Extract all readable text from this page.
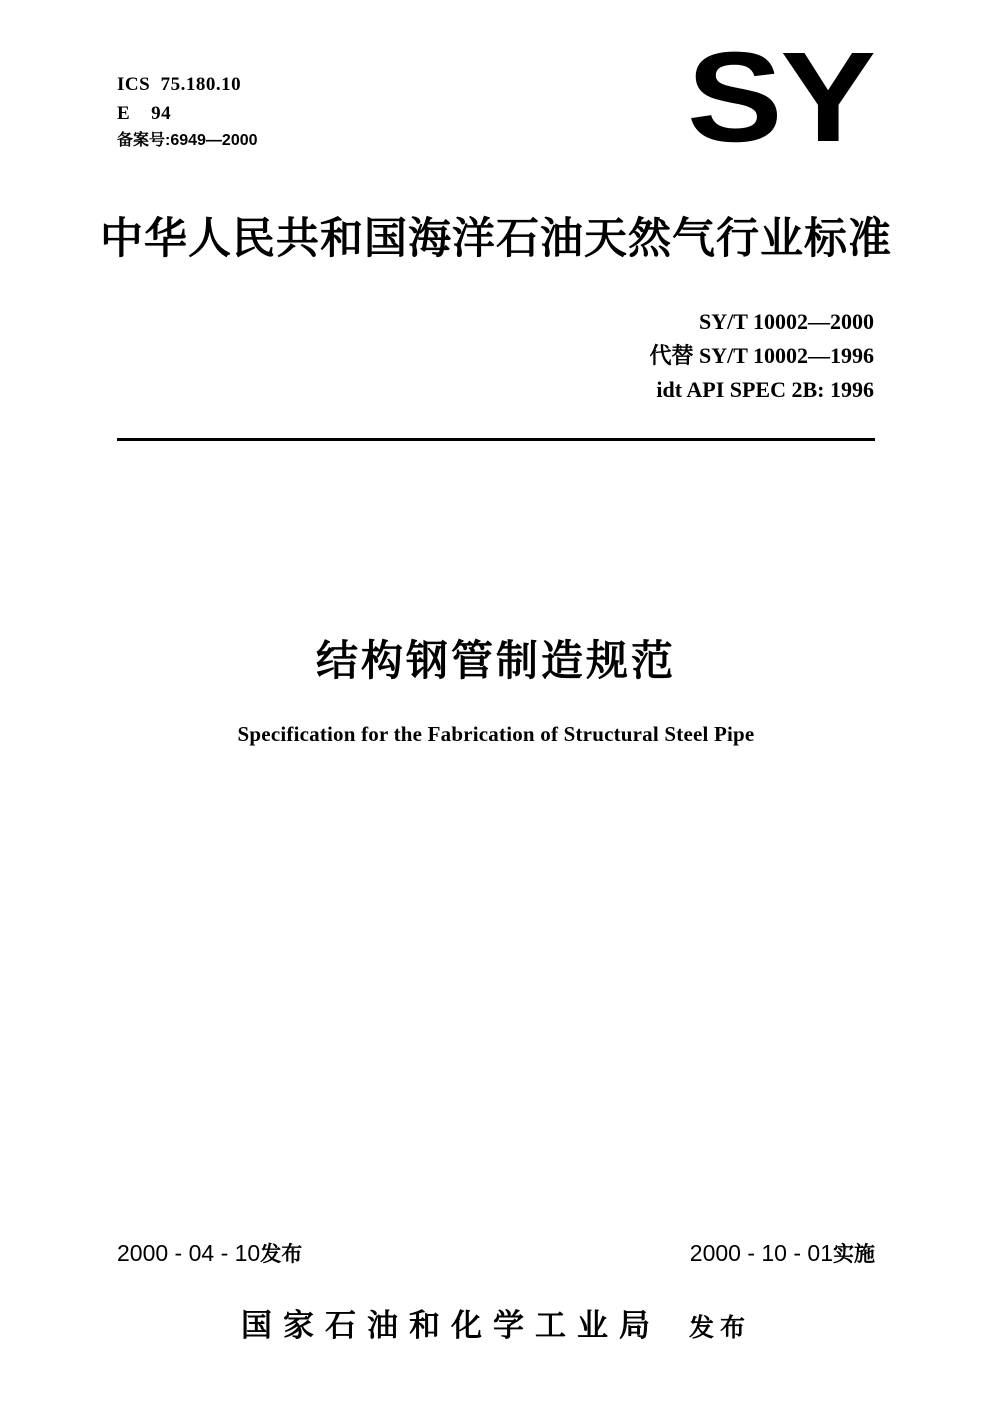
ICS  75.180.10
E    94
备案号:6949—2000	SY
中华人民共和国海洋石油天然气行业标准
SY/T 10002—2000
代替 SY/T 10002—1996
idt API SPEC 2B: 1996
结构钢管制造规范
Specification for the Fabrication of Structural Steel Pipe
2000 - 04 - 10发布	2000 - 10 - 01实施
国家石油和化学工业局 发布
